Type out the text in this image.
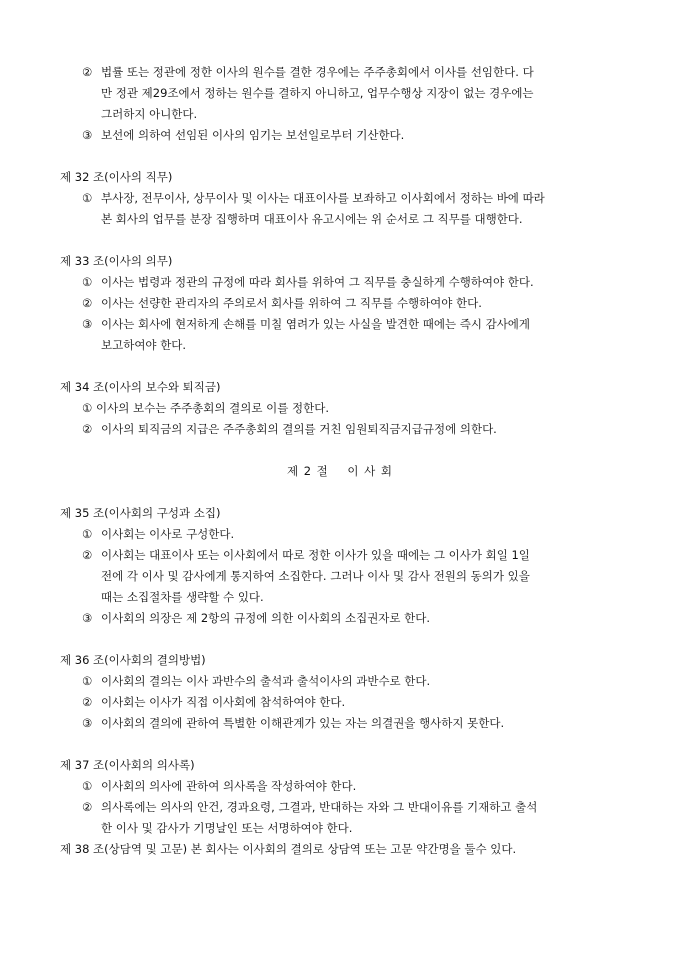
② 법률 또는 정관에 정한 이사의 원수를 결한 경우에는 주주총회에서 이사를 선임한다. 다
만 정관 제29조에서 정하는 원수를 결하지 아니하고, 업무수행상 지장이 없는 경우에는
그러하지 아니한다.
③ 보선에 의하여 선임된 이사의 임기는 보선일로부터 기산한다.
제 32 조(이사의 직무)
① 부사장, 전무이사, 상무이사 및 이사는 대표이사를 보좌하고 이사회에서 정하는 바에 따라
본 회사의 업무를 분장 집행하며 대표이사 유고시에는 위 순서로 그 직무를 대행한다.
제 33 조(이사의 의무)
① 이사는 법령과 정관의 규정에 따라 회사를 위하여 그 직무를 충실하게 수행하여야 한다.
② 이사는 선량한 관리자의 주의로서 회사를 위하여 그 직무를 수행하여야 한다.
③ 이사는 회사에 현저하게 손해를 미칠 염려가 있는 사실을 발견한 때에는 즉시 감사에게
보고하여야 한다.
제 34 조(이사의 보수와 퇴직금)
① 이사의 보수는 주주총회의 결의로 이를 정한다.
② 이사의 퇴직금의 지급은 주주총회의 결의를 거친 임원퇴직금지급규정에 의한다.
제 2 절    이 사 회
제 35 조(이사회의 구성과 소집)
① 이사회는 이사로 구성한다.
② 이사회는 대표이사 또는 이사회에서 따로 정한 이사가 있을 때에는 그 이사가 회일 1일
전에 각 이사 및 감사에게 통지하여 소집한다. 그러나 이사 및 감사 전원의 동의가 있을
때는 소집절차를 생략할 수 있다.
③ 이사회의 의장은 제 2항의 규정에 의한 이사회의 소집권자로 한다.
제 36 조(이사회의 결의방법)
① 이사회의 결의는 이사 과반수의 출석과 출석이사의 과반수로 한다.
② 이사회는 이사가 직접 이사회에 참석하여야 한다.
③ 이사회의 결의에 관하여 특별한 이해관계가 있는 자는 의결권을 행사하지 못한다.
제 37 조(이사회의 의사록)
① 이사회의 의사에 관하여 의사록을 작성하여야 한다.
② 의사록에는 의사의 안건, 경과요령, 그결과, 반대하는 자와 그 반대이유를 기재하고 출석
한 이사 및 감사가 기명날인 또는 서명하여야 한다.
제 38 조(상담역 및 고문) 본 회사는 이사회의 결의로 상담역 또는 고문 약간명을 둘수 있다.
